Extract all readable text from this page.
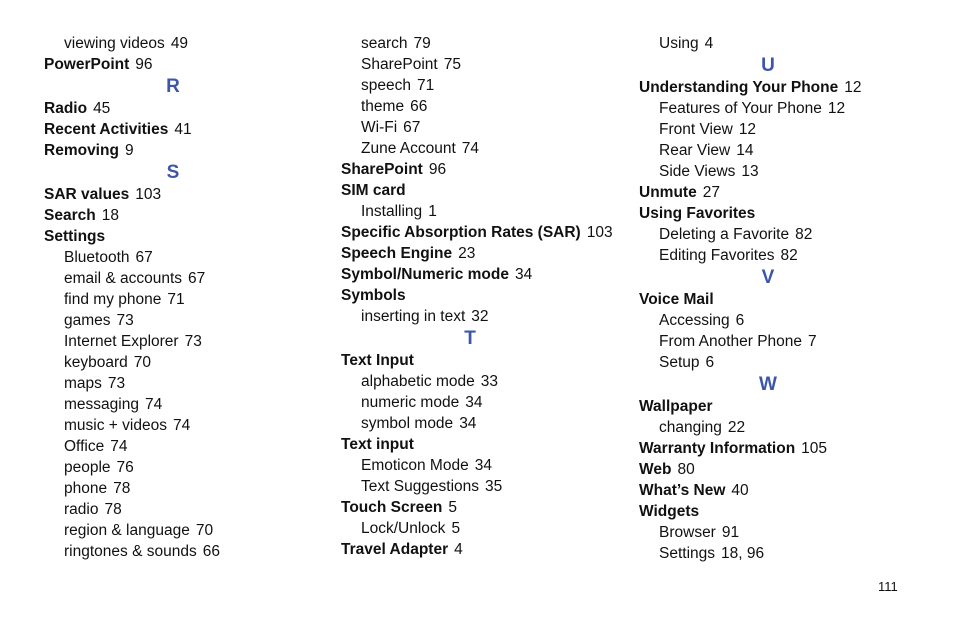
viewing videos 49
PowerPoint 96
R
Radio 45
Recent Activities 41
Removing 9
S
SAR values 103
Search 18
Settings
Bluetooth 67
email & accounts 67
find my phone 71
games 73
Internet Explorer 73
keyboard 70
maps 73
messaging 74
music + videos 74
Office 74
people 76
phone 78
radio 78
region & language 70
ringtones & sounds 66
search 79
SharePoint 75
speech 71
theme 66
Wi-Fi 67
Zune Account 74
SharePoint 96
SIM card
Installing 1
Specific Absorption Rates (SAR) 103
Speech Engine 23
Symbol/Numeric mode 34
Symbols
inserting in text 32
T
Text Input
alphabetic mode 33
numeric mode 34
symbol mode 34
Text input
Emoticon Mode 34
Text Suggestions 35
Touch Screen 5
Lock/Unlock 5
Travel Adapter 4
Using 4
U
Understanding Your Phone 12
Features of Your Phone 12
Front View 12
Rear View 14
Side Views 13
Unmute 27
Using Favorites
Deleting a Favorite 82
Editing Favorites 82
V
Voice Mail
Accessing 6
From Another Phone 7
Setup 6
W
Wallpaper
changing 22
Warranty Information 105
Web 80
What’s New 40
Widgets
Browser 91
Settings 18, 96
111
